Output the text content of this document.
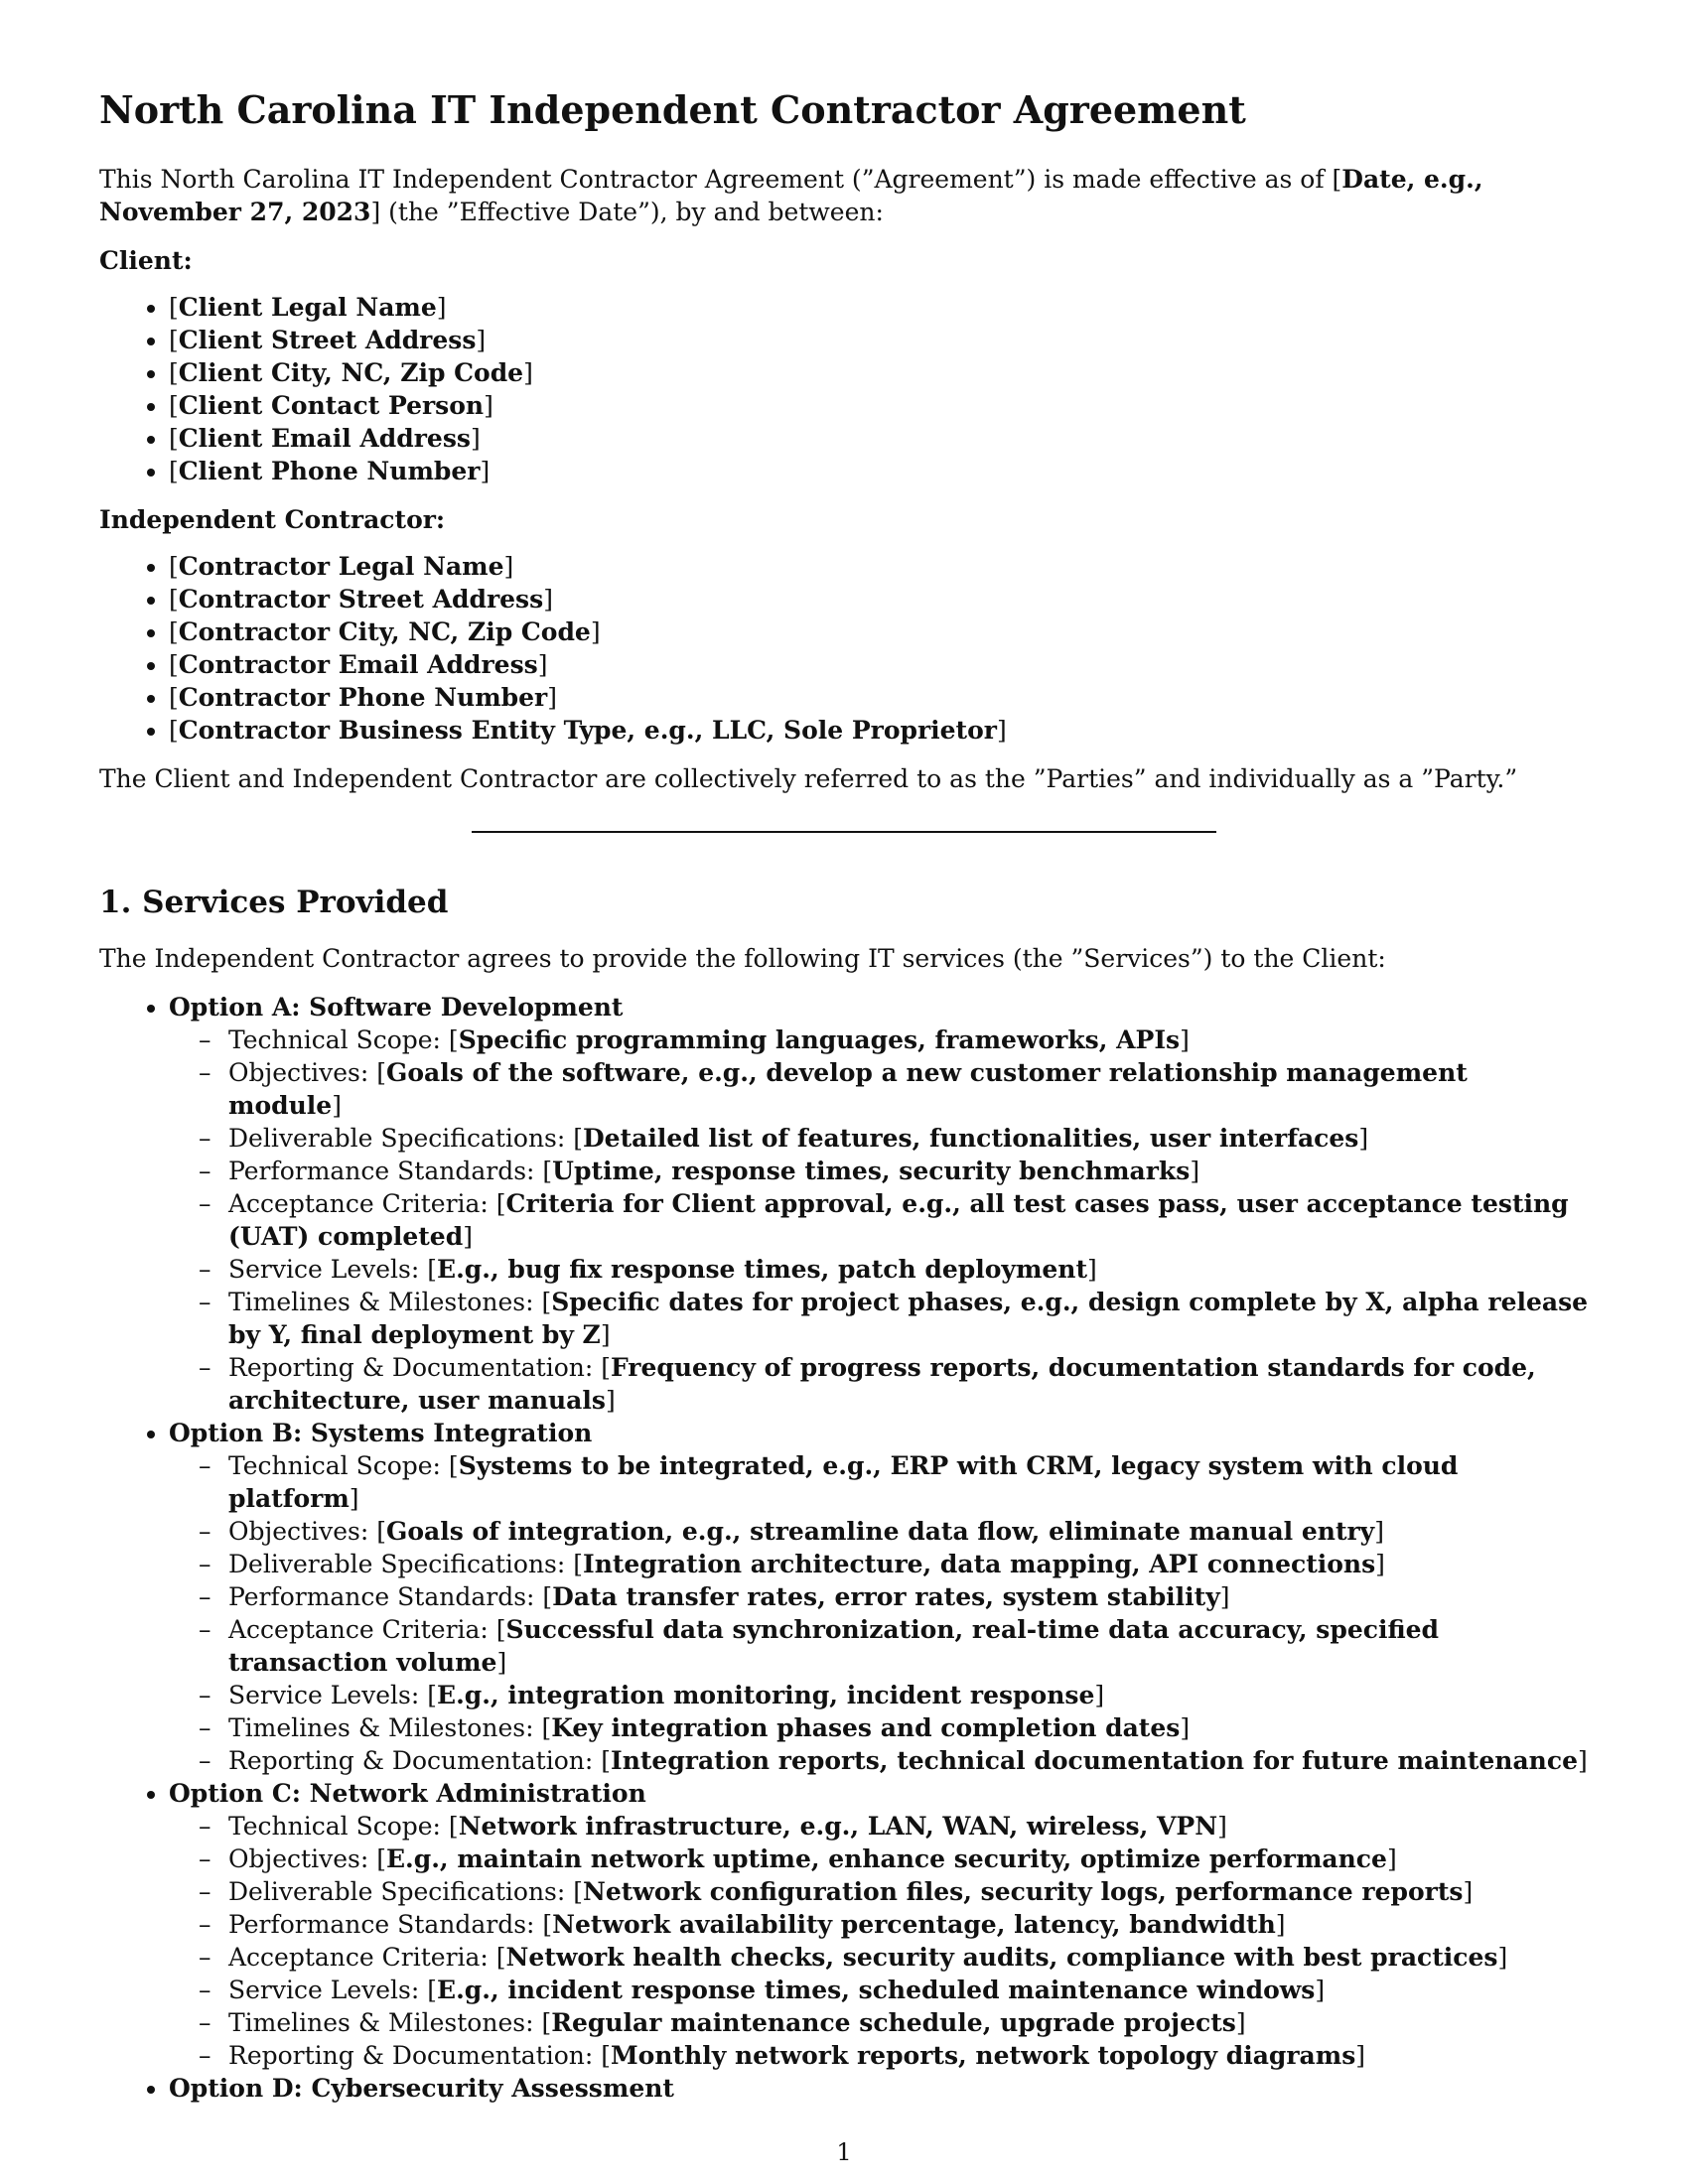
North Carolina IT Independent Contractor Agreement

This North Carolina IT Independent Contractor Agreement (”Agreement”) is made effective as of [Date, e.g., November 27, 2023] (the ”Effective Date”), by and between:

Client:
• [Client Legal Name]
• [Client Street Address]
• [Client City, NC, Zip Code]
• [Client Contact Person]
• [Client Email Address]
• [Client Phone Number]
Independent Contractor:
• [Contractor Legal Name]
• [Contractor Street Address]
• [Contractor City, NC, Zip Code]
• [Contractor Email Address]
• [Contractor Phone Number]
• [Contractor Business Entity Type, e.g., LLC, Sole Proprietor]

The Client and Independent Contractor are collectively referred to as the ”Parties” and individually as a ”Party.”

1. Services Provided

The Independent Contractor agrees to provide the following IT services (the ”Services”) to the Client:

• Option A: Software Development
– Technical Scope: [Specific programming languages, frameworks, APIs]
– Objectives: [Goals of the software, e.g., develop a new customer relationship management module]
– Deliverable Specifications: [Detailed list of features, functionalities, user interfaces]
– Performance Standards: [Uptime, response times, security benchmarks]
– Acceptance Criteria: [Criteria for Client approval, e.g., all test cases pass, user acceptance testing (UAT) completed]
– Service Levels: [E.g., bug fix response times, patch deployment]
– Timelines & Milestones: [Specific dates for project phases, e.g., design complete by X, alpha release by Y, final deployment by Z]
– Reporting & Documentation: [Frequency of progress reports, documentation standards for code, architecture, user manuals]
• Option B: Systems Integration
– Technical Scope: [Systems to be integrated, e.g., ERP with CRM, legacy system with cloud platform]
– Objectives: [Goals of integration, e.g., streamline data flow, eliminate manual entry]
– Deliverable Specifications: [Integration architecture, data mapping, API connections]
– Performance Standards: [Data transfer rates, error rates, system stability]
– Acceptance Criteria: [Successful data synchronization, real-time data accuracy, specified transaction volume]
– Service Levels: [E.g., integration monitoring, incident response]
– Timelines & Milestones: [Key integration phases and completion dates]
– Reporting & Documentation: [Integration reports, technical documentation for future maintenance]
• Option C: Network Administration
– Technical Scope: [Network infrastructure, e.g., LAN, WAN, wireless, VPN]
– Objectives: [E.g., maintain network uptime, enhance security, optimize performance]
– Deliverable Specifications: [Network configuration files, security logs, performance reports]
– Performance Standards: [Network availability percentage, latency, bandwidth]
– Acceptance Criteria: [Network health checks, security audits, compliance with best practices]
– Service Levels: [E.g., incident response times, scheduled maintenance windows]
– Timelines & Milestones: [Regular maintenance schedule, upgrade projects]
– Reporting & Documentation: [Monthly network reports, network topology diagrams]
• Option D: Cybersecurity Assessment
1
